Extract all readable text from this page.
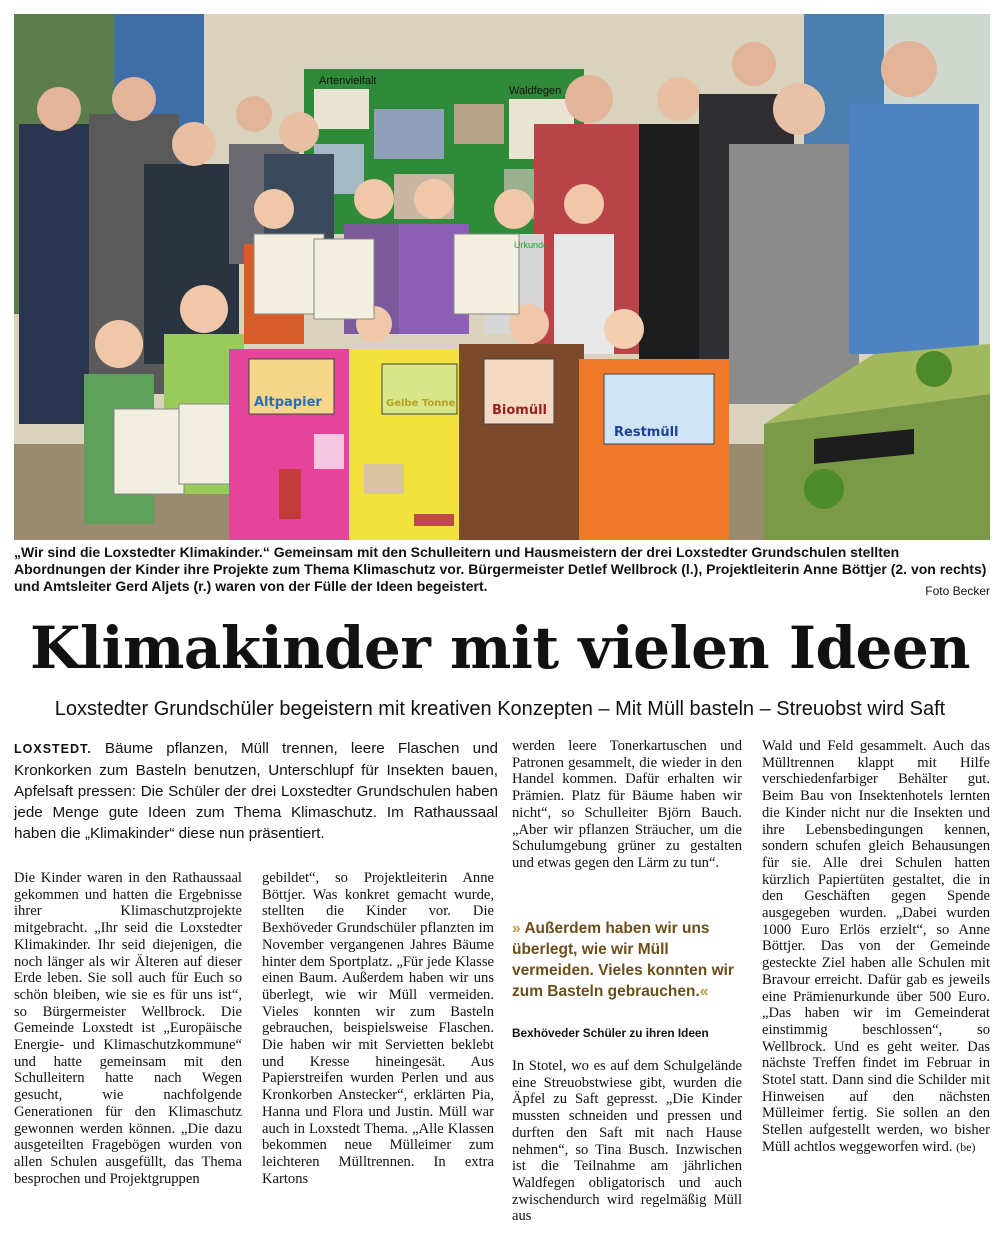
Artenvielfalt
Waldfegen
Urkunde
Altpapier	Gelbe Tonne	Biomüll
Restmüll
„Wir sind die Loxstedter Klimakinder.“ Gemeinsam mit den Schulleitern und Hausmeistern der drei Loxstedter Grundschulen stellten Abordnungen der Kinder ihre Projekte zum Thema Klimaschutz vor. Bürgermeister Detlef Wellbrock (l.), Projektleiterin Anne Böttjer (2. von rechts) und Amtsleiter Gerd Aljets (r.) waren von der Fülle der Ideen begeistert.	Foto Becker
Klimakinder mit vielen Ideen
Loxstedter Grundschüler begeistern mit kreativen Konzepten – Mit Müll basteln – Streuobst wird Saft
LOXSTEDT. Bäume pflanzen, Müll trennen, leere Flaschen und Kronkorken zum Basteln benutzen, Unterschlupf für Insekten bauen, Apfelsaft pressen: Die Schüler der drei Loxstedter Grundschulen haben jede Menge gute Ideen zum Thema Klimaschutz. Im Rathaussaal haben die „Klimakinder“ diese nun präsentiert.
Die Kinder waren in den Rathaussaal gekommen und hatten die Ergebnisse ihrer Klimaschutzprojekte mitgebracht. „Ihr seid die Loxstedter Klimakinder. Ihr seid diejenigen, die noch länger als wir Älteren auf dieser Erde leben. Sie soll auch für Euch so schön bleiben, wie sie es für uns ist“, so Bürgermeister Wellbrock. Die Gemeinde Loxstedt ist „Europäische Energie- und Klimaschutzkommune“ und hatte gemeinsam mit den Schulleitern hatte nach Wegen gesucht, wie nachfolgende Generationen für den Klimaschutz gewonnen werden können. „Die dazu ausgeteilten Fragebögen wurden von allen Schulen ausgefüllt, das Thema besprochen und Projektgruppen
gebildet“, so Projektleiterin Anne Böttjer. Was konkret gemacht wurde, stellten die Kinder vor. Die Bexhöveder Grundschüler pflanzten im November vergangenen Jahres Bäume hinter dem Sportplatz. „Für jede Klasse einen Baum. Außerdem haben wir uns überlegt, wie wir Müll vermeiden. Vieles konnten wir zum Basteln gebrauchen, beispielsweise Flaschen. Die haben wir mit Servietten beklebt und Kresse hineingesät. Aus Papierstreifen wurden Perlen und aus Kronkorben Anstecker“, erklärten Pia, Hanna und Flora und Justin. Müll war auch in Loxstedt Thema. „Alle Klassen bekommen neue Mülleimer zum leichteren Mülltrennen. In extra Kartons
werden leere Tonerkartuschen und Patronen gesammelt, die wieder in den Handel kommen. Dafür erhalten wir Prämien. Platz für Bäume haben wir nicht“, so Schulleiter Björn Bauch. „Aber wir pflanzen Sträucher, um die Schulumgebung grüner zu gestalten und etwas gegen den Lärm zu tun“.
» Außerdem haben wir uns überlegt, wie wir Müll vermeiden. Vieles konnten wir zum Basteln gebrauchen.«
Bexhöveder Schüler zu ihren Ideen
In Stotel, wo es auf dem Schulgelände eine Streuobstwiese gibt, wurden die Äpfel zu Saft gepresst. „Die Kinder mussten schneiden und pressen und durften den Saft mit nach Hause nehmen“, so Tina Busch. Inzwischen ist die Teilnahme am jährlichen Waldfegen obligatorisch und auch zwischendurch wird regelmäßig Müll aus
Wald und Feld gesammelt. Auch das Mülltrennen klappt mit Hilfe verschiedenfarbiger Behälter gut. Beim Bau von Insektenhotels lernten die Kinder nicht nur die Insekten und ihre Lebensbedingungen kennen, sondern schufen gleich Behausungen für sie. Alle drei Schulen hatten kürzlich Papiertüten gestaltet, die in den Geschäften gegen Spende ausgegeben wurden. „Dabei wurden 1000 Euro Erlös erzielt“, so Anne Böttjer. Das von der Gemeinde gesteckte Ziel haben alle Schulen mit Bravour erreicht. Dafür gab es jeweils eine Prämienurkunde über 500 Euro. „Das haben wir im Gemeinderat einstimmig beschlossen“, so Wellbrock. Und es geht weiter. Das nächste Treffen findet im Februar in Stotel statt. Dann sind die Schilder mit Hinweisen auf den nächsten Mülleimer fertig. Sie sollen an den Stellen aufgestellt werden, wo bisher Müll achtlos weggeworfen wird. (be)
